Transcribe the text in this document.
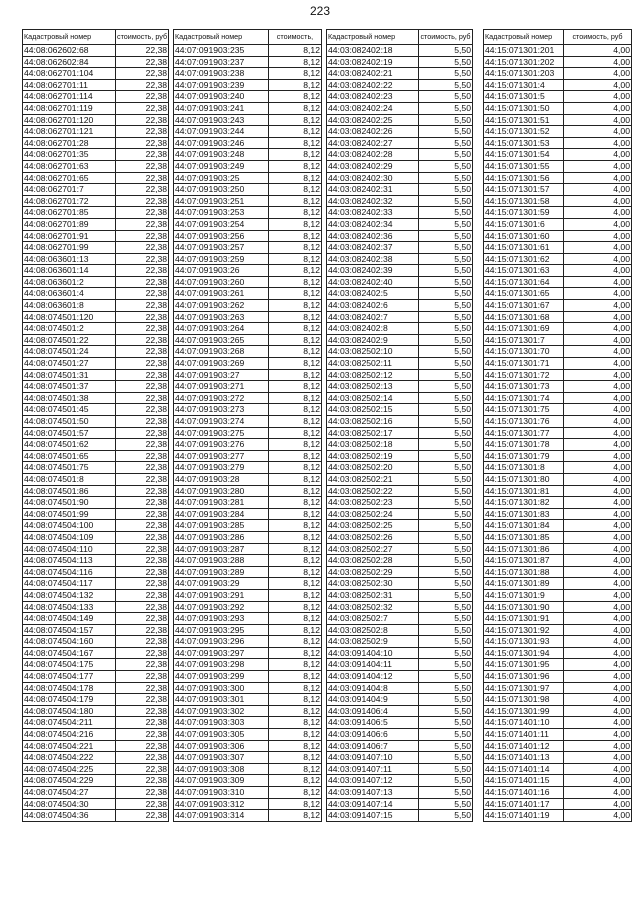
223
Кадастровый номер	стоимость, руб
44:08:062602:68	22,38
44:08:062602:84	22,38
44:08:062701:104	22,38
44:08:062701:11	22,38
44:08:062701:114	22,38
44:08:062701:119	22,38
44:08:062701:120	22,38
44:08:062701:121	22,38
44:08:062701:28	22,38
44:08:062701:35	22,38
44:08:062701:63	22,38
44:08:062701:65	22,38
44:08:062701:7	22,38
44:08:062701:72	22,38
44:08:062701:85	22,38
44:08:062701:89	22,38
44:08:062701:91	22,38
44:08:062701:99	22,38
44:08:063601:13	22,38
44:08:063601:14	22,38
44:08:063601:2	22,38
44:08:063601:4	22,38
44:08:063601:8	22,38
44:08:074501:120	22,38
44:08:074501:2	22,38
44:08:074501:22	22,38
44:08:074501:24	22,38
44:08:074501:27	22,38
44:08:074501:31	22,38
44:08:074501:37	22,38
44:08:074501:38	22,38
44:08:074501:45	22,38
44:08:074501:50	22,38
44:08:074501:57	22,38
44:08:074501:62	22,38
44:08:074501:65	22,38
44:08:074501:75	22,38
44:08:074501:8	22,38
44:08:074501:86	22,38
44:08:074501:90	22,38
44:08:074501:99	22,38
44:08:074504:100	22,38
44:08:074504:109	22,38
44:08:074504:110	22,38
44:08:074504:113	22,38
44:08:074504:116	22,38
44:08:074504:117	22,38
44:08:074504:132	22,38
44:08:074504:133	22,38
44:08:074504:149	22,38
44:08:074504:157	22,38
44:08:074504:160	22,38
44:08:074504:167	22,38
44:08:074504:175	22,38
44:08:074504:177	22,38
44:08:074504:178	22,38
44:08:074504:179	22,38
44:08:074504:180	22,38
44:08:074504:211	22,38
44:08:074504:216	22,38
44:08:074504:221	22,38
44:08:074504:222	22,38
44:08:074504:225	22,38
44:08:074504:229	22,38
44:08:074504:27	22,38
44:08:074504:30	22,38
44:08:074504:36	22,38
Кадастровый номер	стоимость,
44:07:091903:235	8,12
44:07:091903:237	8,12
44:07:091903:238	8,12
44:07:091903:239	8,12
44:07:091903:240	8,12
44:07:091903:241	8,12
44:07:091903:243	8,12
44:07:091903:244	8,12
44:07:091903:246	8,12
44:07:091903:248	8,12
44:07:091903:249	8,12
44:07:091903:25	8,12
44:07:091903:250	8,12
44:07:091903:251	8,12
44:07:091903:253	8,12
44:07:091903:254	8,12
44:07:091903:256	8,12
44:07:091903:257	8,12
44:07:091903:259	8,12
44:07:091903:26	8,12
44:07:091903:260	8,12
44:07:091903:261	8,12
44:07:091903:262	8,12
44:07:091903:263	8,12
44:07:091903:264	8,12
44:07:091903:265	8,12
44:07:091903:268	8,12
44:07:091903:269	8,12
44:07:091903:27	8,12
44:07:091903:271	8,12
44:07:091903:272	8,12
44:07:091903:273	8,12
44:07:091903:274	8,12
44:07:091903:275	8,12
44:07:091903:276	8,12
44:07:091903:277	8,12
44:07:091903:279	8,12
44:07:091903:28	8,12
44:07:091903:280	8,12
44:07:091903:281	8,12
44:07:091903:284	8,12
44:07:091903:285	8,12
44:07:091903:286	8,12
44:07:091903:287	8,12
44:07:091903:288	8,12
44:07:091903:289	8,12
44:07:091903:29	8,12
44:07:091903:291	8,12
44:07:091903:292	8,12
44:07:091903:293	8,12
44:07:091903:295	8,12
44:07:091903:296	8,12
44:07:091903:297	8,12
44:07:091903:298	8,12
44:07:091903:299	8,12
44:07:091903:300	8,12
44:07:091903:301	8,12
44:07:091903:302	8,12
44:07:091903:303	8,12
44:07:091903:305	8,12
44:07:091903:306	8,12
44:07:091903:307	8,12
44:07:091903:308	8,12
44:07:091903:309	8,12
44:07:091903:310	8,12
44:07:091903:312	8,12
44:07:091903:314	8,12
Кадастровый номер	стоимость, руб
44:03:082402:18	5,50
44:03:082402:19	5,50
44:03:082402:21	5,50
44:03:082402:22	5,50
44:03:082402:23	5,50
44:03:082402:24	5,50
44:03:082402:25	5,50
44:03:082402:26	5,50
44:03:082402:27	5,50
44:03:082402:28	5,50
44:03:082402:29	5,50
44:03:082402:30	5,50
44:03:082402:31	5,50
44:03:082402:32	5,50
44:03:082402:33	5,50
44:03:082402:34	5,50
44:03:082402:36	5,50
44:03:082402:37	5,50
44:03:082402:38	5,50
44:03:082402:39	5,50
44:03:082402:40	5,50
44:03:082402:5	5,50
44:03:082402:6	5,50
44:03:082402:7	5,50
44:03:082402:8	5,50
44:03:082402:9	5,50
44:03:082502:10	5,50
44:03:082502:11	5,50
44:03:082502:12	5,50
44:03:082502:13	5,50
44:03:082502:14	5,50
44:03:082502:15	5,50
44:03:082502:16	5,50
44:03:082502:17	5,50
44:03:082502:18	5,50
44:03:082502:19	5,50
44:03:082502:20	5,50
44:03:082502:21	5,50
44:03:082502:22	5,50
44:03:082502:23	5,50
44:03:082502:24	5,50
44:03:082502:25	5,50
44:03:082502:26	5,50
44:03:082502:27	5,50
44:03:082502:28	5,50
44:03:082502:29	5,50
44:03:082502:30	5,50
44:03:082502:31	5,50
44:03:082502:32	5,50
44:03:082502:7	5,50
44:03:082502:8	5,50
44:03:082502:9	5,50
44:03:091404:10	5,50
44:03:091404:11	5,50
44:03:091404:12	5,50
44:03:091404:8	5,50
44:03:091404:9	5,50
44:03:091406:4	5,50
44:03:091406:5	5,50
44:03:091406:6	5,50
44:03:091406:7	5,50
44:03:091407:10	5,50
44:03:091407:11	5,50
44:03:091407:12	5,50
44:03:091407:13	5,50
44:03:091407:14	5,50
44:03:091407:15	5,50
Кадастровый номер	стоимость, руб
44:15:071301:201	4,00
44:15:071301:202	4,00
44:15:071301:203	4,00
44:15:071301:4	4,00
44:15:071301:5	4,00
44:15:071301:50	4,00
44:15:071301:51	4,00
44:15:071301:52	4,00
44:15:071301:53	4,00
44:15:071301:54	4,00
44:15:071301:55	4,00
44:15:071301:56	4,00
44:15:071301:57	4,00
44:15:071301:58	4,00
44:15:071301:59	4,00
44:15:071301:6	4,00
44:15:071301:60	4,00
44:15:071301:61	4,00
44:15:071301:62	4,00
44:15:071301:63	4,00
44:15:071301:64	4,00
44:15:071301:65	4,00
44:15:071301:67	4,00
44:15:071301:68	4,00
44:15:071301:69	4,00
44:15:071301:7	4,00
44:15:071301:70	4,00
44:15:071301:71	4,00
44:15:071301:72	4,00
44:15:071301:73	4,00
44:15:071301:74	4,00
44:15:071301:75	4,00
44:15:071301:76	4,00
44:15:071301:77	4,00
44:15:071301:78	4,00
44:15:071301:79	4,00
44:15:071301:8	4,00
44:15:071301:80	4,00
44:15:071301:81	4,00
44:15:071301:82	4,00
44:15:071301:83	4,00
44:15:071301:84	4,00
44:15:071301:85	4,00
44:15:071301:86	4,00
44:15:071301:87	4,00
44:15:071301:88	4,00
44:15:071301:89	4,00
44:15:071301:9	4,00
44:15:071301:90	4,00
44:15:071301:91	4,00
44:15:071301:92	4,00
44:15:071301:93	4,00
44:15:071301:94	4,00
44:15:071301:95	4,00
44:15:071301:96	4,00
44:15:071301:97	4,00
44:15:071301:98	4,00
44:15:071301:99	4,00
44:15:071401:10	4,00
44:15:071401:11	4,00
44:15:071401:12	4,00
44:15:071401:13	4,00
44:15:071401:14	4,00
44:15:071401:15	4,00
44:15:071401:16	4,00
44:15:071401:17	4,00
44:15:071401:19	4,00
